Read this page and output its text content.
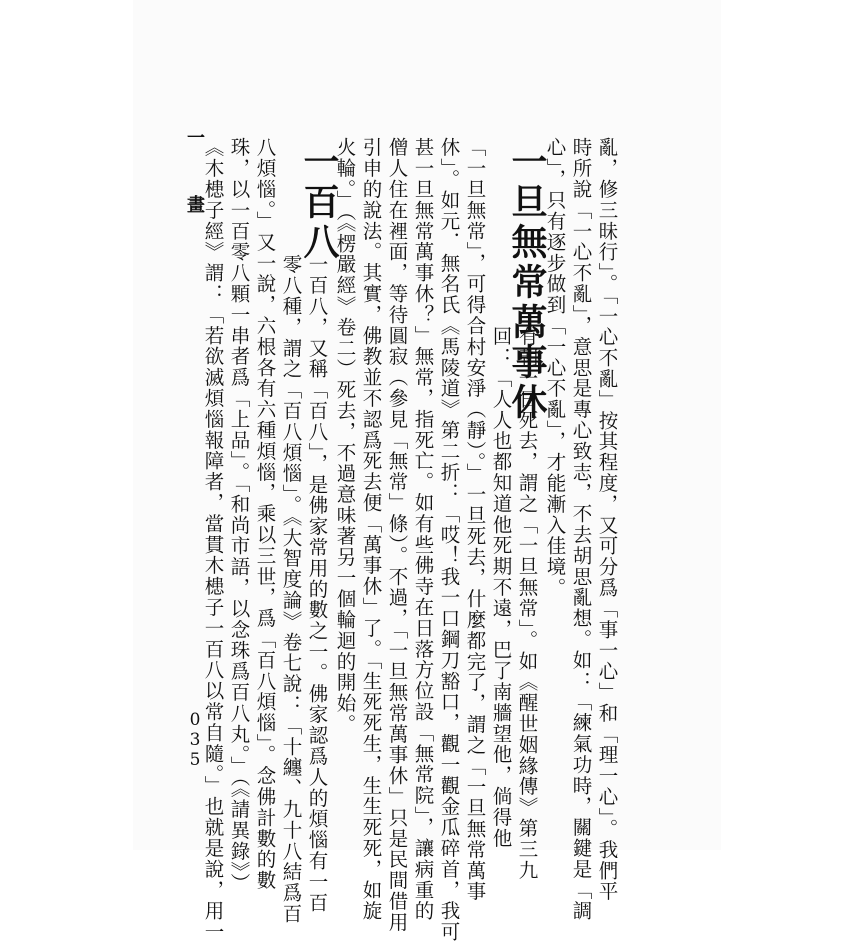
亂，修三昧行」。「一心不亂」按其程度，又可分爲「事一心」和「理一心」。我們平
時所說「一心不亂」，意思是專心致志，不去胡思亂想。如：「練氣功時，關鍵是「調
心」，只有逐步做到「一心不亂」，才能漸入佳境。
一旦無常萬事休
有朝一日死去，謂之「一旦無常」。如《醒世姻緣傳》第三九
回：「人人也都知道他死期不遠，巴了南牆望他，倘得他
「一旦無常」，可得合村安淨（靜）。」一旦死去，什麼都完了，謂之「一旦無常萬事
休」。如元．無名氏《馬陵道》第二折：「哎！我一口鋼刀豁口，觀一觀金瓜碎首，我可
甚一旦無常萬事休？」無常，指死亡。如有些佛寺在日落方位設「無常院」，讓病重的
僧人住在裡面，等待圓寂（參見「無常」條）。不過，「一旦無常萬事休」只是民間借用
引申的說法。其實，佛教並不認爲死去便「萬事休」了。「生死死生，生生死死，如旋
火輪。」（《楞嚴經》卷二）死去，不過意味著另一個輪迴的開始。
一百八
一百八，又稱「百八」，是佛家常用的數之一。佛家認爲人的煩惱有一百
零八種，謂之「百八煩惱」。《大智度論》卷七說：「十纏、九十八結爲百
八煩惱。」又一說，六根各有六種煩惱，乘以三世，爲「百八煩惱」。念佛計數的數
珠，以一百零八顆一串者爲「上品」。「和尚市語，以念珠爲百八丸。」（《請異錄》）
《木槵子經》謂：「若欲滅煩惱報障者，當貫木槵子一百八以常自隨。」也就是說，用一
一 畫
035
